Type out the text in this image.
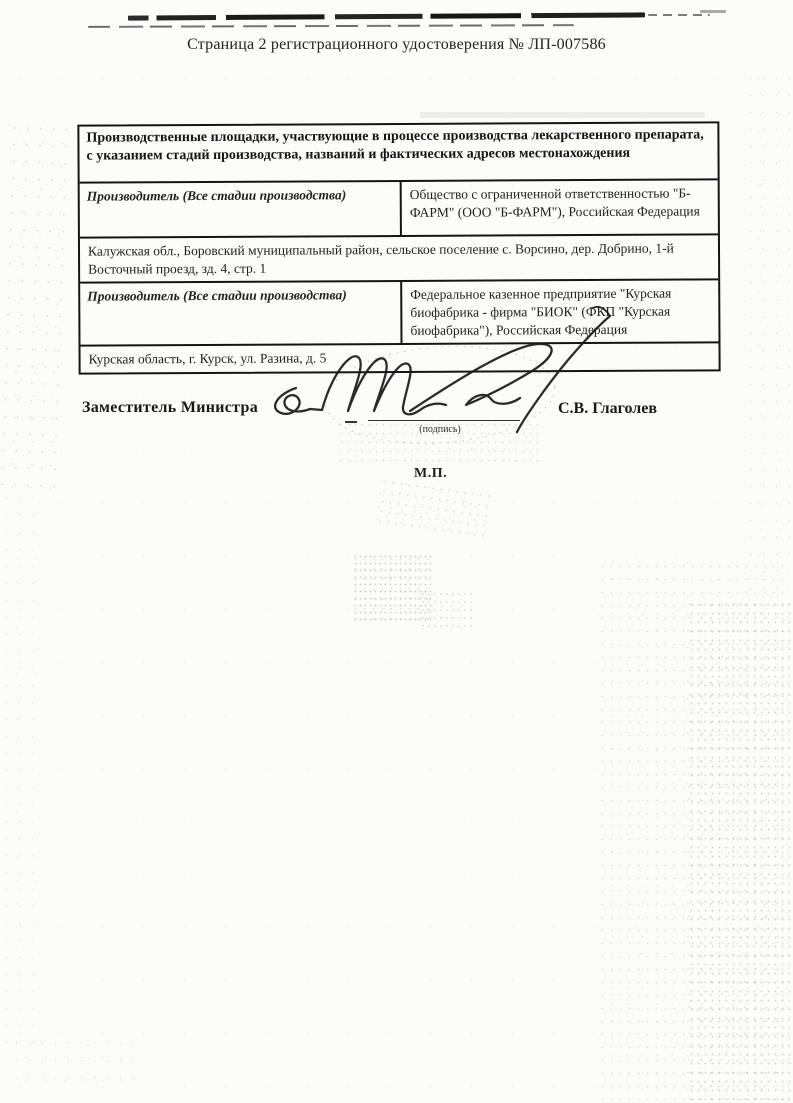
Страница 2 регистрационного удостоверения № ЛП-007586
Производственные площадки, участвующие в процессе производства лекарственного препарата, с указанием стадий производства, названий и фактических адресов местонахождения
Производитель (Все стадии производства)	Общество с ограниченной ответственностью "Б-ФАРМ" (ООО "Б-ФАРМ"), Российская Федерация
Калужская обл., Боровский муниципальный район, сельское поселение с. Ворсино, дер. Добрино, 1-й Восточный проезд, зд. 4, стр. 1
Производитель (Все стадии производства)	Федеральное казенное предприятие "Курская биофабрика - фирма "БИОК" (ФКП "Курская биофабрика"), Российская Федерация
Курская область, г. Курск, ул. Разина, д. 5
Заместитель Министра
(подпись)
С.В. Глаголев
М.П.
